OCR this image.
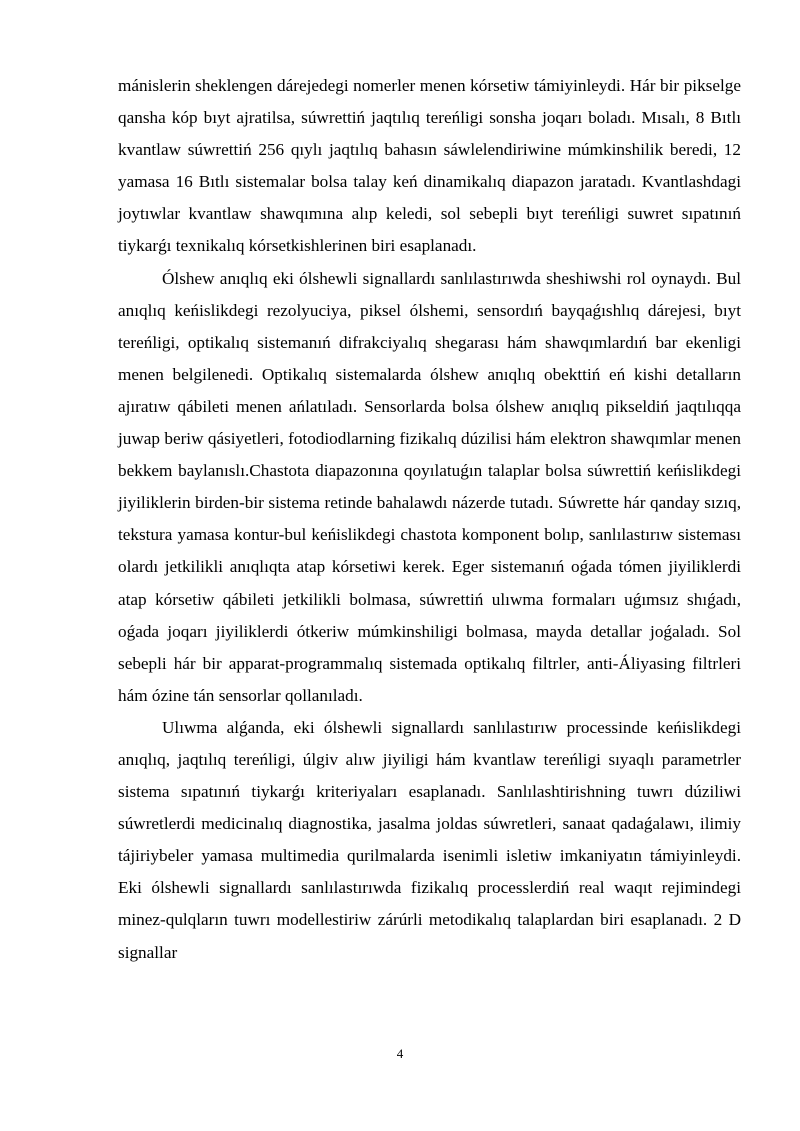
mánislerin sheklengen dárejedegi nomerler menen kórsetiw támiyinleydi. Hár bir pikselge qansha kóp bıyt ajratilsa, súwrettiń jaqtılıq tereńligi sonsha joqarı boladı. Mısalı, 8 Bıtlı kvantlaw súwrettiń 256 qıylı jaqtılıq bahasın sáwlelendiriwine múmkinshilik beredi, 12 yamasa 16 Bıtlı sistemalar bolsa talay keń dinamikalıq diapazon jaratadı. Kvantlashdagi joytıwlar kvantlaw shawqımına alıp keledi, sol sebepli bıyt tereńligi suwret sıpatınıń tiykarǵı texnikalıq kórsetkishlerinen biri esaplanadı.

Ólshew anıqlıq eki ólshewli signallardı sanlılastırıwda sheshiwshi rol oynaydı. Bul anıqlıq keńislikdegi rezolyuciya, piksel ólshemi, sensordıń bayqaǵıshlıq dárejesi, bıyt tereńligi, optikalıq sistemanıń difrakciyalıq shegarası hám shawqımlardıń bar ekenligi menen belgilenedi. Optikalıq sistemalarda ólshew anıqlıq obekttiń eń kishi detalların ajıratıw qábileti menen ańlatıladı. Sensorlarda bolsa ólshew anıqlıq pikseldiń jaqtılıqqa juwap beriw qásiyetleri, fotodiodlarning fizikalıq dúzilisi hám elektron shawqımlar menen bekkem baylanıslı.Chastota diapazonına qoyılatuǵın talaplar bolsa súwrettiń keńislikdegi jiyiliklerin birden-bir sistema retinde bahalawdı názerde tutadı. Súwrette hár qanday sızıq, tekstura yamasa kontur-bul keńislikdegi chastota komponent bolıp, sanlılastırıw sisteması olardı jetkilikli anıqlıqta atap kórsetiwi kerek. Eger sistemanıń oǵada tómen jiyiliklerdi atap kórsetiw qábileti jetkilikli bolmasa, súwrettiń ulıwma formaları uǵımsız shıǵadı, oǵada joqarı jiyiliklerdi ótkeriw múmkinshiligi bolmasa, mayda detallar joǵaladı. Sol sebepli hár bir apparat-programmalıq sistemada optikalıq filtrler, anti-Áliyasing filtrleri hám ózine tán sensorlar qollanıladı.

Ulıwma alǵanda, eki ólshewli signallardı sanlılastırıw processinde keńislikdegi anıqlıq, jaqtılıq tereńligi, úlgiv alıw jiyiligi hám kvantlaw tereńligi sıyaqlı parametrler sistema sıpatınıń tiykarǵı kriteriyaları esaplanadı. Sanlılashtirishning tuwrı dúziliwi súwretlerdi medicinalıq diagnostika, jasalma joldas súwretleri, sanaat qadaǵalawı, ilimiy tájiriybeler yamasa multimedia qurilmalarda isenimli isletiw imkaniyatın támiyinleydi. Eki ólshewli signallardı sanlılastırıwda fizikalıq processlerdiń real waqıt rejimindegi minez-qulqların tuwrı modellestiriw zárúrli metodikalıq talaplardan biri esaplanadı. 2 D signallar

4
